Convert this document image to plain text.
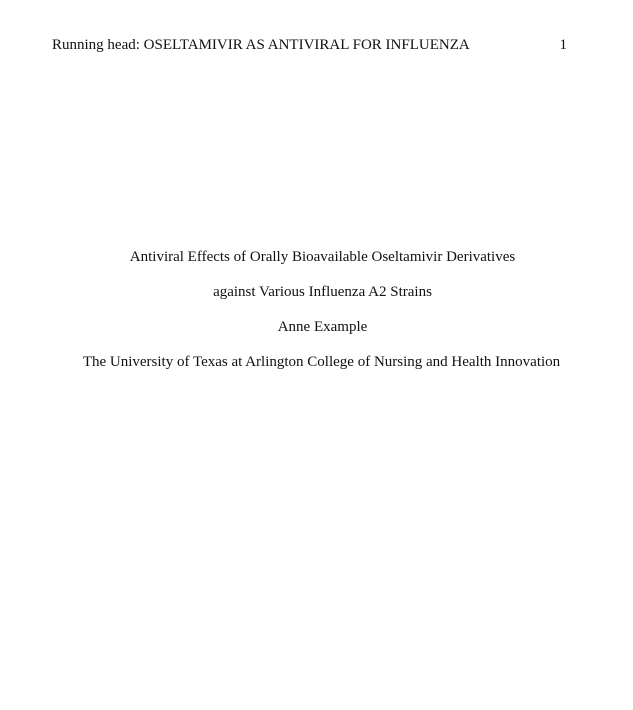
Running head: OSELTAMIVIR AS ANTIVIRAL FOR INFLUENZA	1
Antiviral Effects of Orally Bioavailable Oseltamivir Derivatives
against Various Influenza A2 Strains
Anne Example
The University of Texas at Arlington College of Nursing and Health Innovation
